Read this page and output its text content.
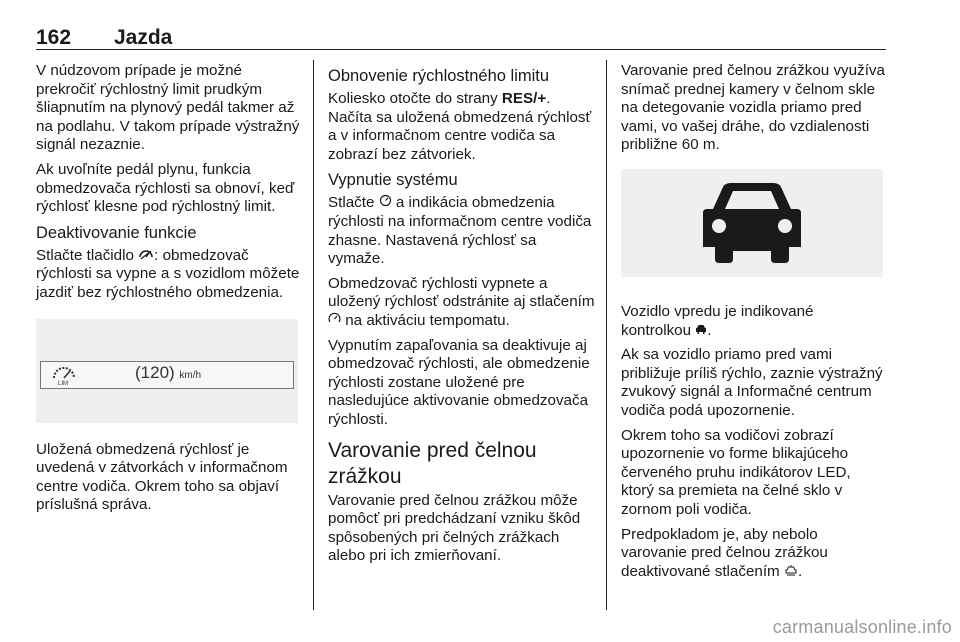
162 Jazda

V núdzovom prípade je možné prekročiť rýchlostný limit prudkým šliapnutím na plynový pedál takmer až na podlahu. V takom prípade výstražný signál nezaznie.

Ak uvoľníte pedál plynu, funkcia obmedzovača rýchlosti sa obnoví, keď rýchlosť klesne pod rýchlostný limit.

Deaktivovanie funkcie

Stlačte tlačidlo : obmedzovač rýchlosti sa vypne a s vozidlom môžete jazdiť bez rýchlostného obmedzenia.

LIM
(120) km/h

Uložená obmedzená rýchlosť je uvedená v zátvorkách v informačnom centre vodiča. Okrem toho sa objaví príslušná správa.

Obnovenie rýchlostného limitu

Koliesko otočte do strany RES/+. Načíta sa uložená obmedzená rýchlosť a v informačnom centre vodiča sa zobrazí bez zátvoriek.

Vypnutie systému

Stlačte  a indikácia obmedzenia rýchlosti na informačnom centre vodiča zhasne. Nastavená rýchlosť sa vymaže.

Obmedzovač rýchlosti vypnete a uložený rýchlosť odstránite aj stlačením  na aktiváciu tempomatu.

Vypnutím zapaľovania sa deaktivuje aj obmedzovač rýchlosti, ale obmedzenie rýchlosti zostane uložené pre nasledujúce aktivovanie obmedzovača rýchlosti.

Varovanie pred čelnou zrážkou

Varovanie pred čelnou zrážkou môže pomôcť pri predchádzaní vzniku škôd spôsobených pri čelných zrážkach alebo pri ich zmierňovaní.

Varovanie pred čelnou zrážkou využíva snímač prednej kamery v čelnom skle na detegovanie vozidla priamo pred vami, vo vašej dráhe, do vzdialenosti približne 60 m.

Vozidlo vpredu je indikované kontrolkou .

Ak sa vozidlo priamo pred vami približuje príliš rýchlo, zaznie výstražný zvukový signál a Informačné centrum vodiča podá upozornenie.

Okrem toho sa vodičovi zobrazí upozornenie vo forme blikajúceho červeného pruhu indikátorov LED, ktorý sa premieta na čelné sklo v zornom poli vodiča.

Predpokladom je, aby nebolo varovanie pred čelnou zrážkou deaktivované stlačením .

carmanualsonline.info
